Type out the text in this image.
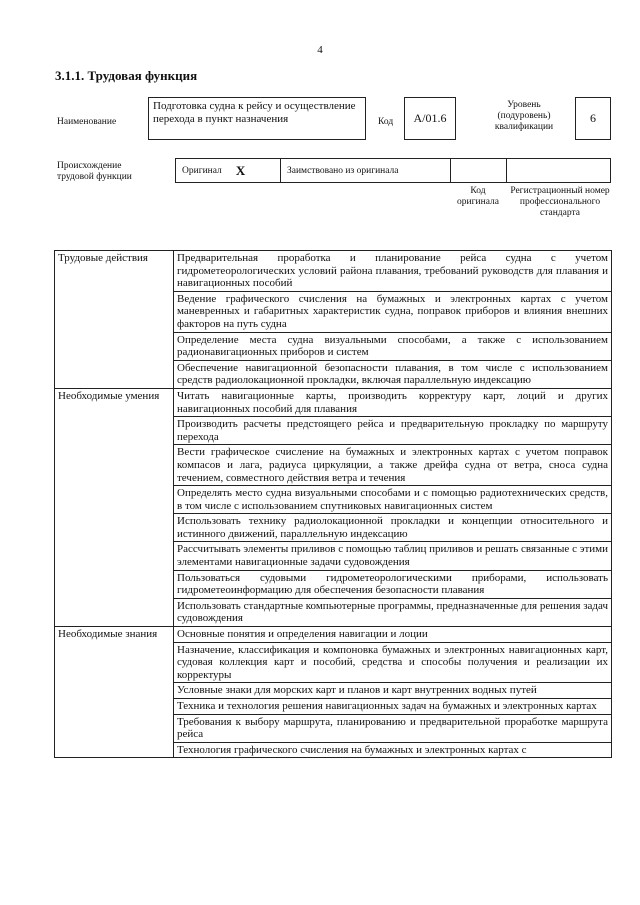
4
3.1.1. Трудовая функция
Наименование
Подготовка судна к рейсу и осуществление перехода в пункт назначения	Код	A/01.6
Уровень (подуровень) квалификации
6
Происхождение трудовой функции
Оригинал X	Заимствовано из оригинала
Код оригинала
Регистрационный номер профессионального стандарта
Трудовые действия	Предварительная проработка и планирование рейса судна с учетом гидрометеорологических условий района плавания, требований руководств для плавания и навигационных пособий
	Ведение графического счисления на бумажных и электронных картах с учетом маневренных и габаритных характеристик судна, поправок приборов и влияния внешних факторов на путь судна
	Определение места судна визуальными способами, а также с использованием радионавигационных приборов и систем
	Обеспечение навигационной безопасности плавания, в том числе с использованием средств радиолокационной прокладки, включая параллельную индексацию
Необходимые умения	Читать навигационные карты, производить корректуру карт, лоций и других навигационных пособий для плавания
	Производить расчеты предстоящего рейса и предварительную прокладку по маршруту перехода
	Вести графическое счисление на бумажных и электронных картах с учетом поправок компасов и лага, радиуса циркуляции, а также дрейфа судна от ветра, сноса судна течением, совместного действия ветра и течения
	Определять место судна визуальными способами и с помощью радиотехнических средств, в том числе с использованием спутниковых навигационных систем
	Использовать технику радиолокационной прокладки и концепции относительного и истинного движений, параллельную индексацию
	Рассчитывать элементы приливов с помощью таблиц приливов и решать связанные с этими элементами навигационные задачи судовождения
	Пользоваться судовыми гидрометеорологическими приборами, использовать гидрометеоинформацию для обеспечения безопасности плавания
	Использовать стандартные компьютерные программы, предназначенные для решения задач судовождения
Необходимые знания	Основные понятия и определения навигации и лоции
	Назначение, классификация и компоновка бумажных и электронных навигационных карт, судовая коллекция карт и пособий, средства и способы получения и реализации их корректуры
	Условные знаки для морских карт и планов и карт внутренних водных путей
	Техника и технология решения навигационных задач на бумажных и электронных картах
	Требования к выбору маршрута, планированию и предварительной проработке маршрута рейса
	Технология графического счисления на бумажных и электронных картах с
